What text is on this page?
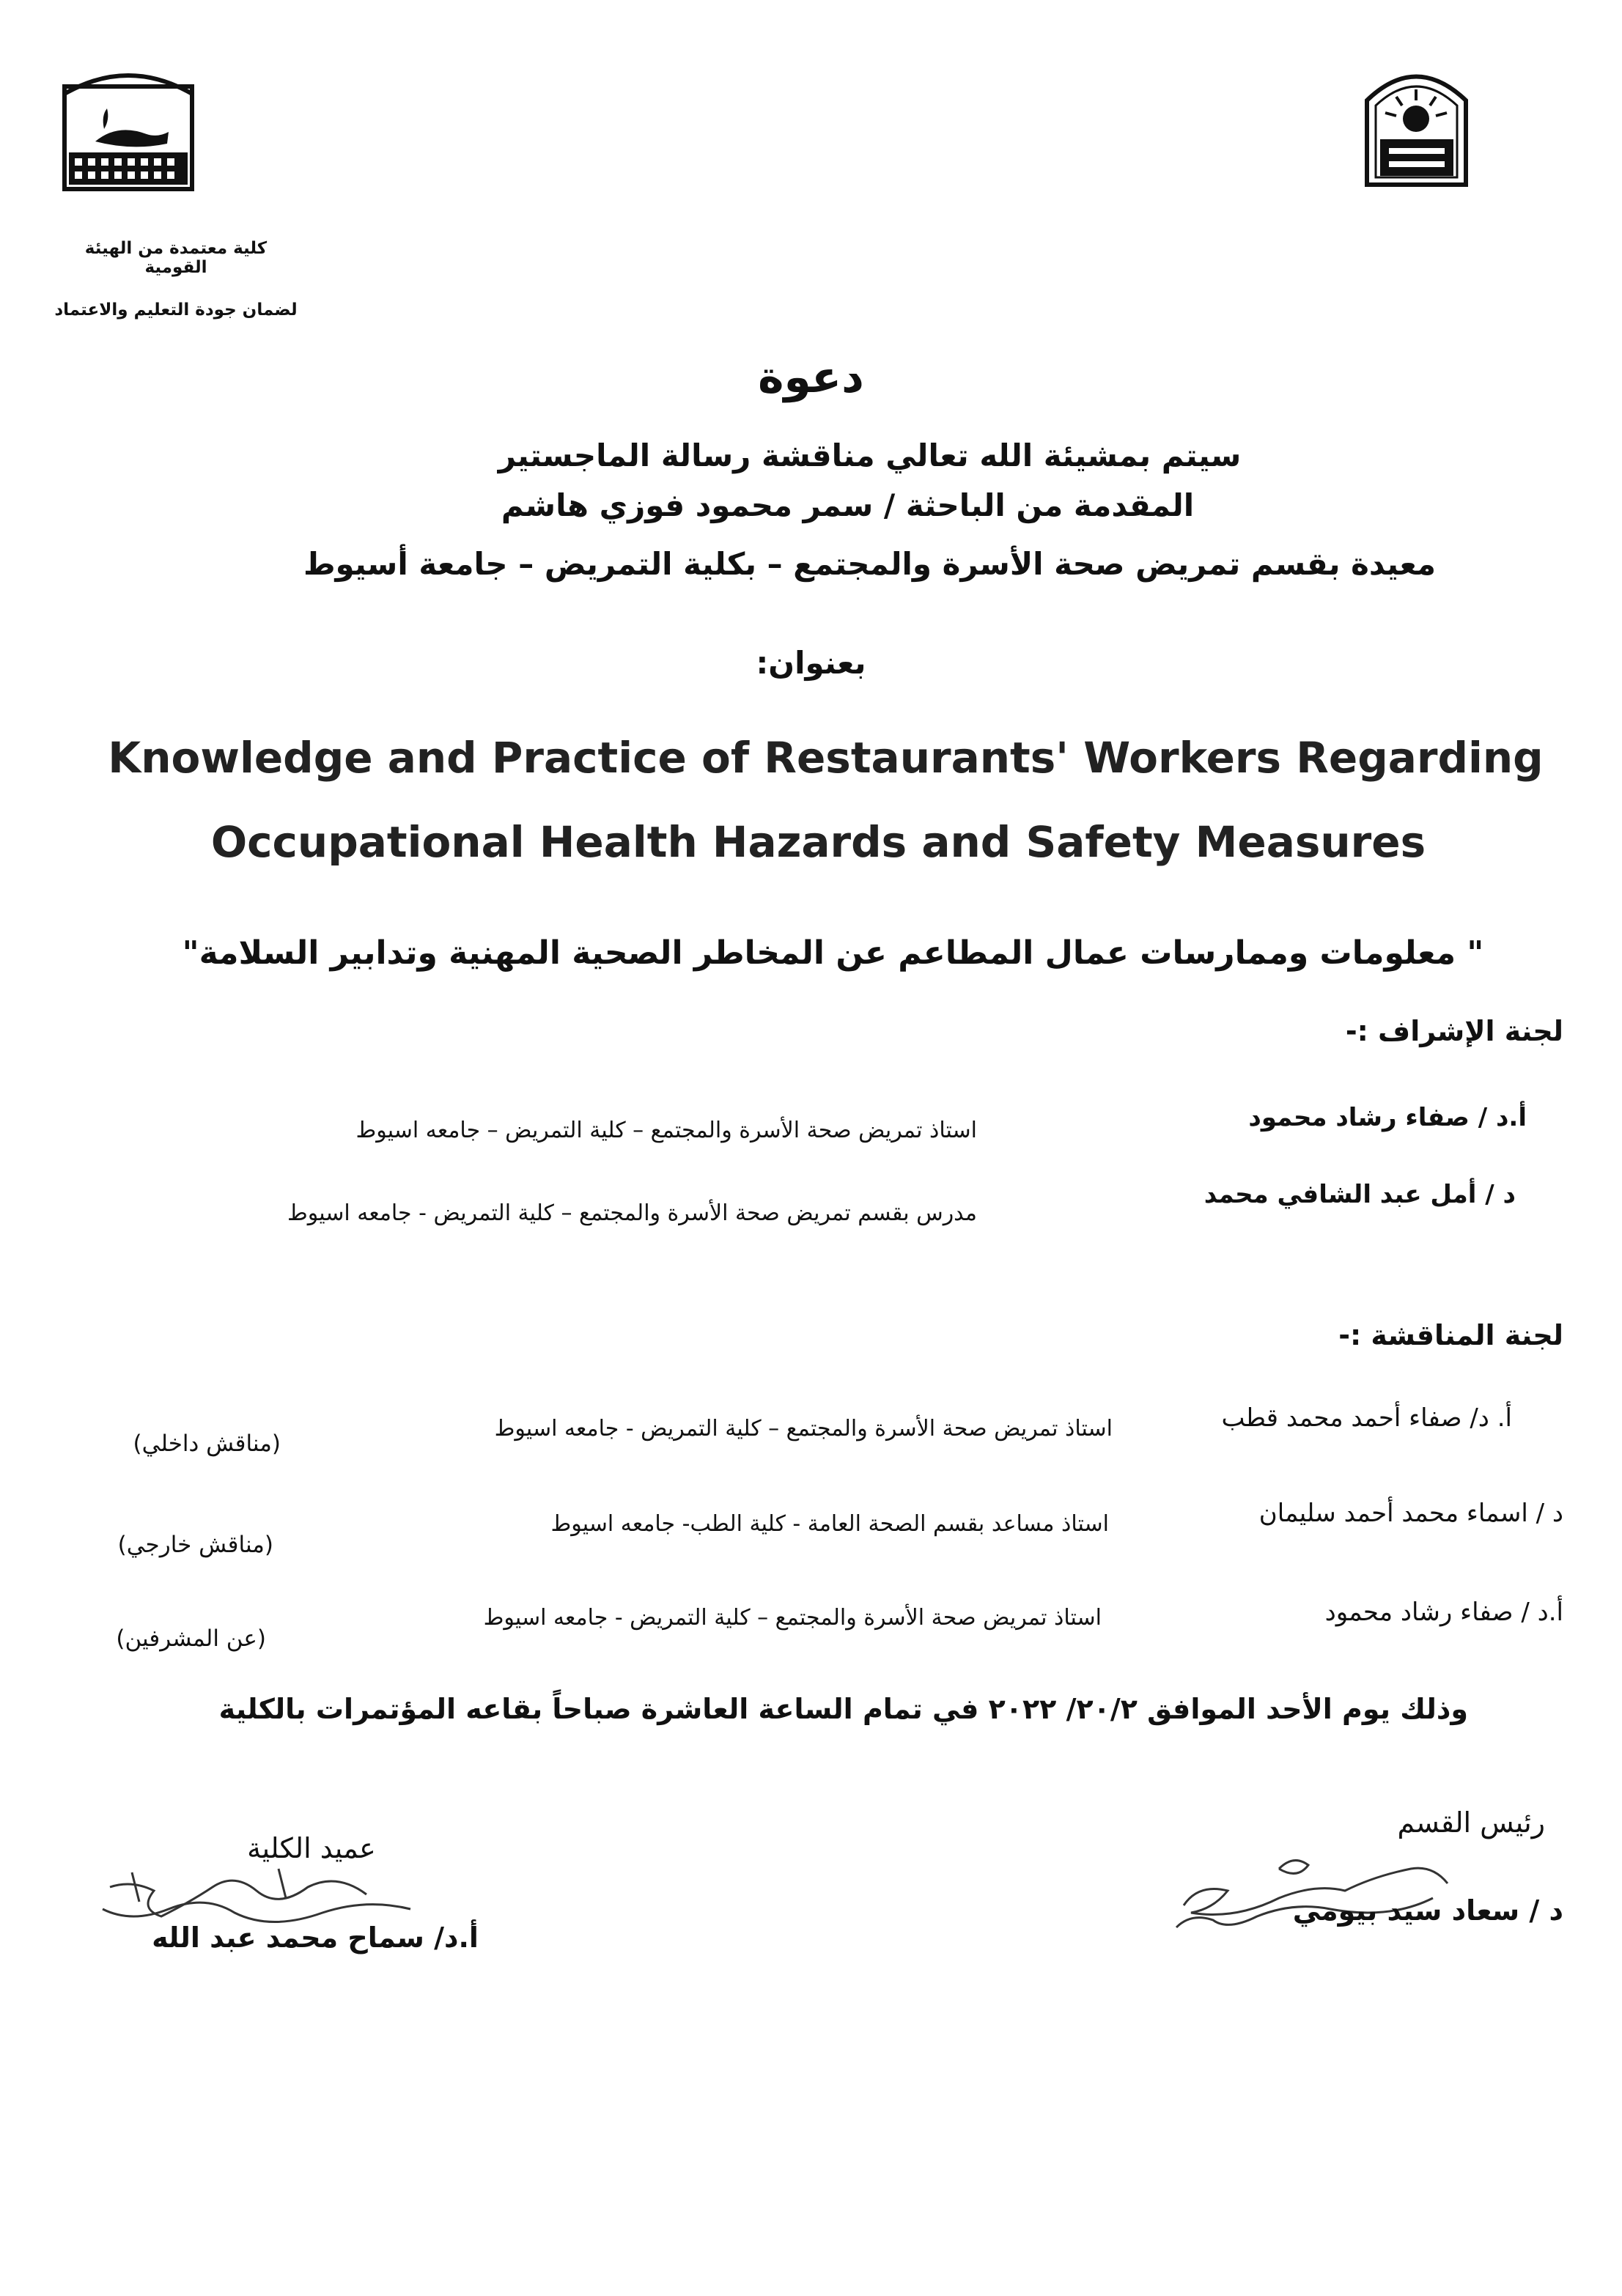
كلية معتمدة من الهيئة القومية
لضمان جودة التعليم والاعتماد
دعوة
سيتم بمشيئة الله تعالي مناقشة رسالة الماجستير
المقدمة من الباحثة / سمر محمود فوزي هاشم
معيدة بقسم تمريض صحة الأسرة والمجتمع – بكلية التمريض – جامعة أسيوط
بعنوان:
Knowledge and Practice of Restaurants' Workers Regarding
Occupational Health Hazards and Safety Measures
" معلومات وممارسات عمال المطاعم عن المخاطر الصحية المهنية وتدابير السلامة"
لجنة الإشراف :-
أ.د / صفاء رشاد محمود
استاذ تمريض صحة الأسرة والمجتمع – كلية التمريض – جامعه اسيوط
د / أمل عبد الشافي محمد
مدرس بقسم تمريض صحة الأسرة والمجتمع – كلية التمريض - جامعه اسيوط
لجنة المناقشة :-
أ. د/ صفاء أحمد محمد قطب
استاذ تمريض صحة الأسرة والمجتمع – كلية التمريض - جامعه اسيوط
(مناقش داخلي)
د / اسماء محمد أحمد سليمان
استاذ مساعد بقسم الصحة العامة - كلية الطب- جامعه اسيوط
(مناقش خارجي)
أ.د / صفاء رشاد محمود
استاذ تمريض صحة الأسرة والمجتمع – كلية التمريض - جامعه اسيوط
(عن المشرفين)
وذلك يوم الأحد الموافق ٢٠/٢/ ٢٠٢٢ في تمام الساعة العاشرة صباحاً بقاعه المؤتمرات بالكلية
رئيس القسم
د / سعاد سيد بيومي
عميد الكلية
أ.د/ سماح محمد عبد الله
